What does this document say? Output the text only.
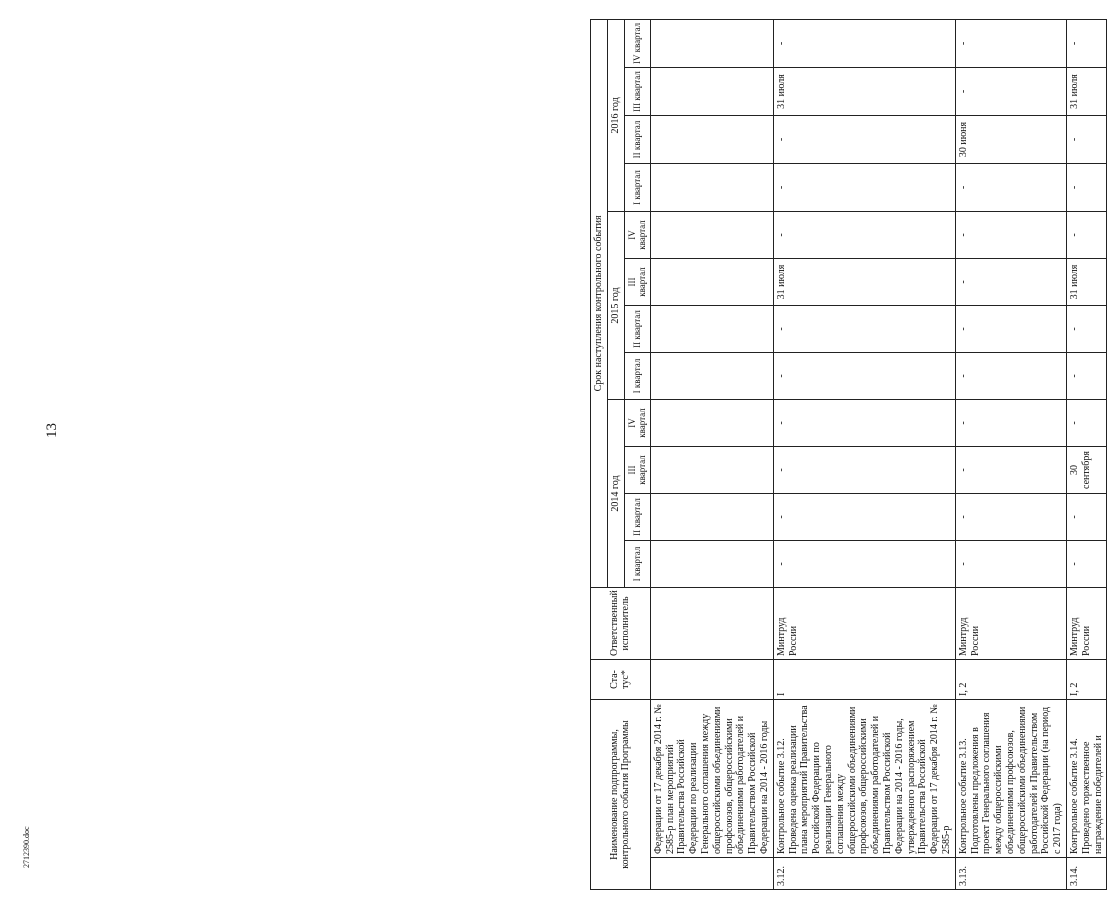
13
2712390.doc	Наименование подпрограммы, контрольного события Программы		Ста-тус*	Ответственный исполнитель	Срок наступления контрольного события											
				2014 год				2015 год				2016 год			
				I квартал	II квартал	III квартал	IV квартал	I квартал	II квартал	III квартал	IV квартал	I квартал	II квартал	III квартал	IV квартал
	Федерации от 17 декабря 2014 г. № 2585-р план мероприятий Правительства Российской Федерации по реализации Генерального соглашения между общероссийскими объединениями профсоюзов, общероссийскими объединениями работодателей и Правительством Российской Федерации на 2014 - 2016 годы														
3.12.	Контрольное событие 3.12. Проведена оценка реализации плана мероприятий Правительства Российской Федерации по реализации Генерального соглашения между общероссийскими объединениями профсоюзов, общероссийскими объединениями работодателей и Правительством Российской Федерации на 2014 - 2016 годы, утвержденного распоряжением Правительства Российской Федерации от 17 декабря 2014 г. № 2585-р	I	Минтруд России	-	-	-	-	-	-	31 июля	-	-	-	31 июля	-
3.13.	Контрольное событие 3.13. Подготовлены предложения в проект Генерального соглашения между общероссийскими объединениями профсоюзов, общероссийскими объединениями работодателей и Правительством Российской Федерации (на период с 2017 года)	I, 2	Минтруд России	-	-	-	-	-	-	-	-	-	30 июня	-	-
3.14.	Контрольное событие 3.14. Проведено торжественное награждение победителей и	I, 2	Минтруд России	-	-	30 сентября	-	-	-	31 июля	-	-	-	31 июля	-
